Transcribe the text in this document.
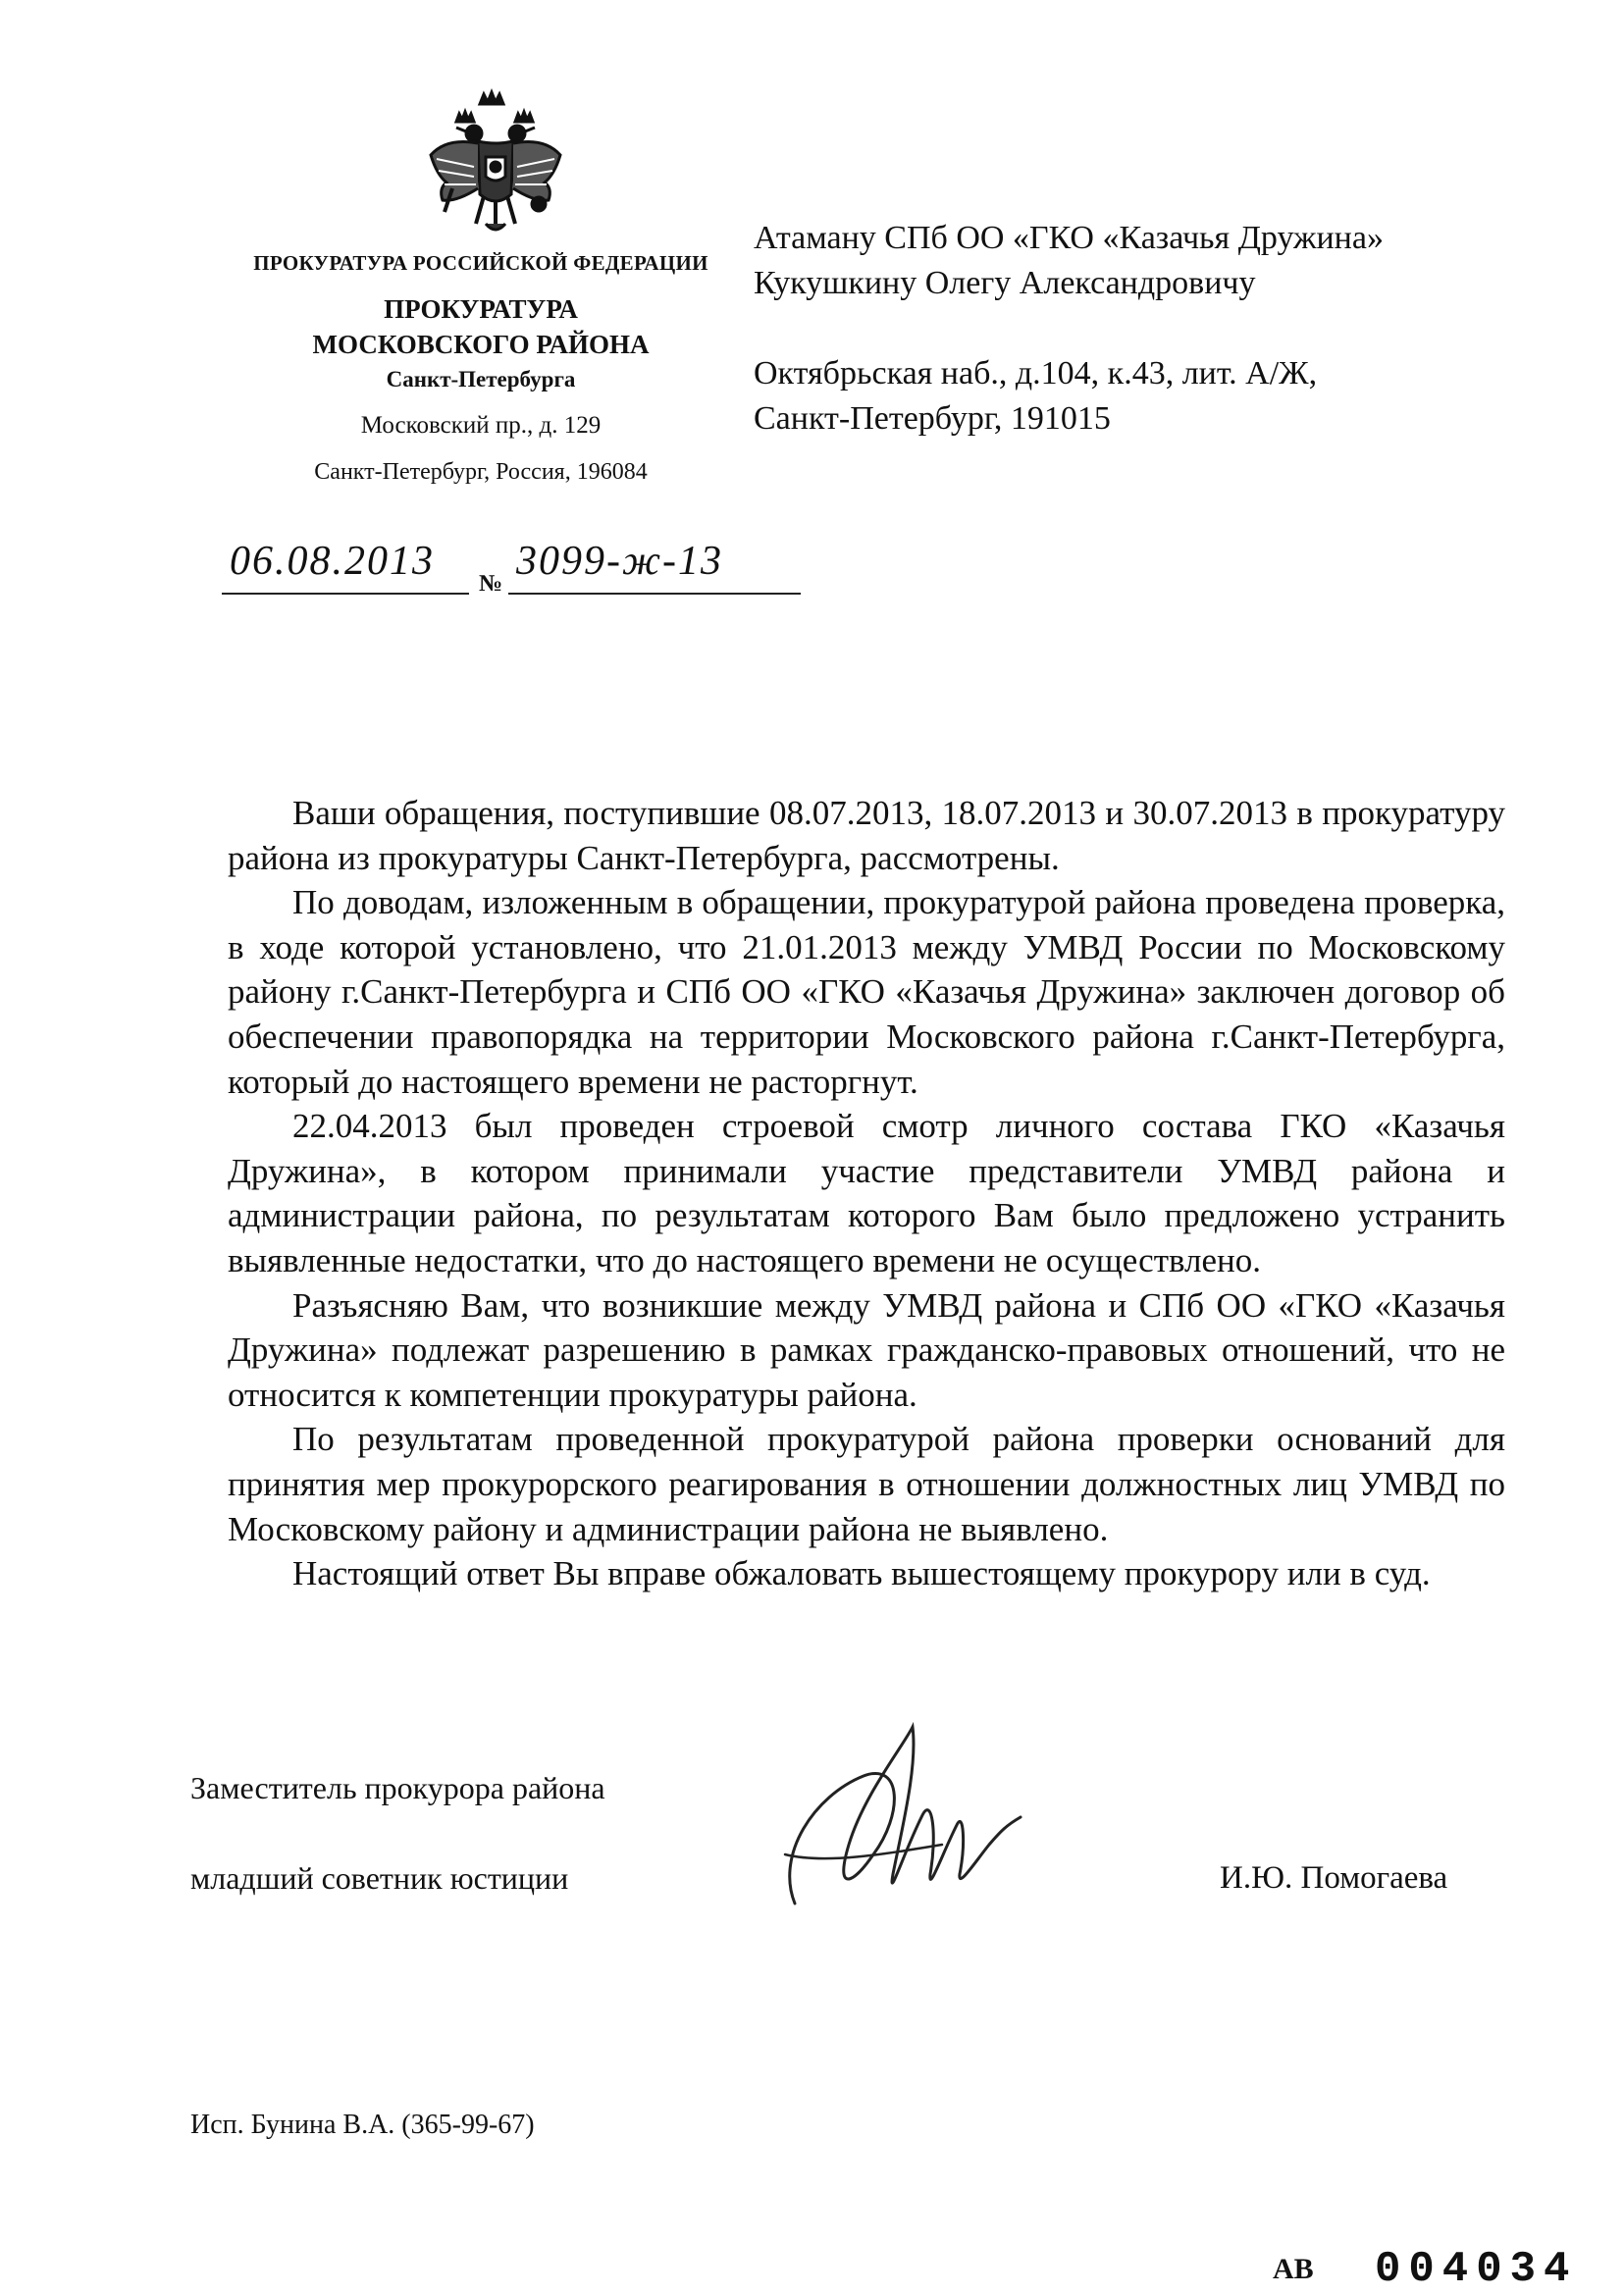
ПРОКУРАТУРА РОССИЙСКОЙ ФЕДЕРАЦИИ
ПРОКУРАТУРА
МОСКОВСКОГО РАЙОНА
Санкт-Петербурга
Московский пр., д. 129
Санкт-Петербург, Россия, 196084
06.08.2013 № 3099-ж-13
Атаману СПб ОО «ГКО «Казачья Дружина»
Кукушкину Олегу Александровичу
Октябрьская наб., д.104, к.43, лит. А/Ж,
Санкт-Петербург, 191015

Ваши обращения, поступившие 08.07.2013, 18.07.2013 и 30.07.2013 в прокуратуру района из прокуратуры Санкт-Петербурга, рассмотрены.

По доводам, изложенным в обращении, прокуратурой района проведена проверка, в ходе которой установлено, что 21.01.2013 между УМВД России по Московскому району г.Санкт-Петербурга и СПб ОО «ГКО «Казачья Дружина» заключен договор об обеспечении правопорядка на территории Московского района г.Санкт-Петербурга, который до настоящего времени не расторгнут.

22.04.2013 был проведен строевой смотр личного состава ГКО «Казачья Дружина», в котором принимали участие представители УМВД района и администрации района, по результатам которого Вам было предложено устранить выявленные недостатки, что до настоящего времени не осуществлено.

Разъясняю Вам, что возникшие между УМВД района и СПб ОО «ГКО «Казачья Дружина» подлежат разрешению в рамках гражданско-правовых отношений, что не относится к компетенции прокуратуры района.

По результатам проведенной прокуратурой района проверки оснований для принятия мер прокурорского реагирования в отношении должностных лиц УМВД по Московскому району и администрации района не выявлено.

Настоящий ответ Вы вправе обжаловать вышестоящему прокурору или в суд.

Заместитель прокурора района
младший советник юстиции	И.Ю. Помогаева
Исп. Бунина В.А. (365-99-67)
АВ 004034
